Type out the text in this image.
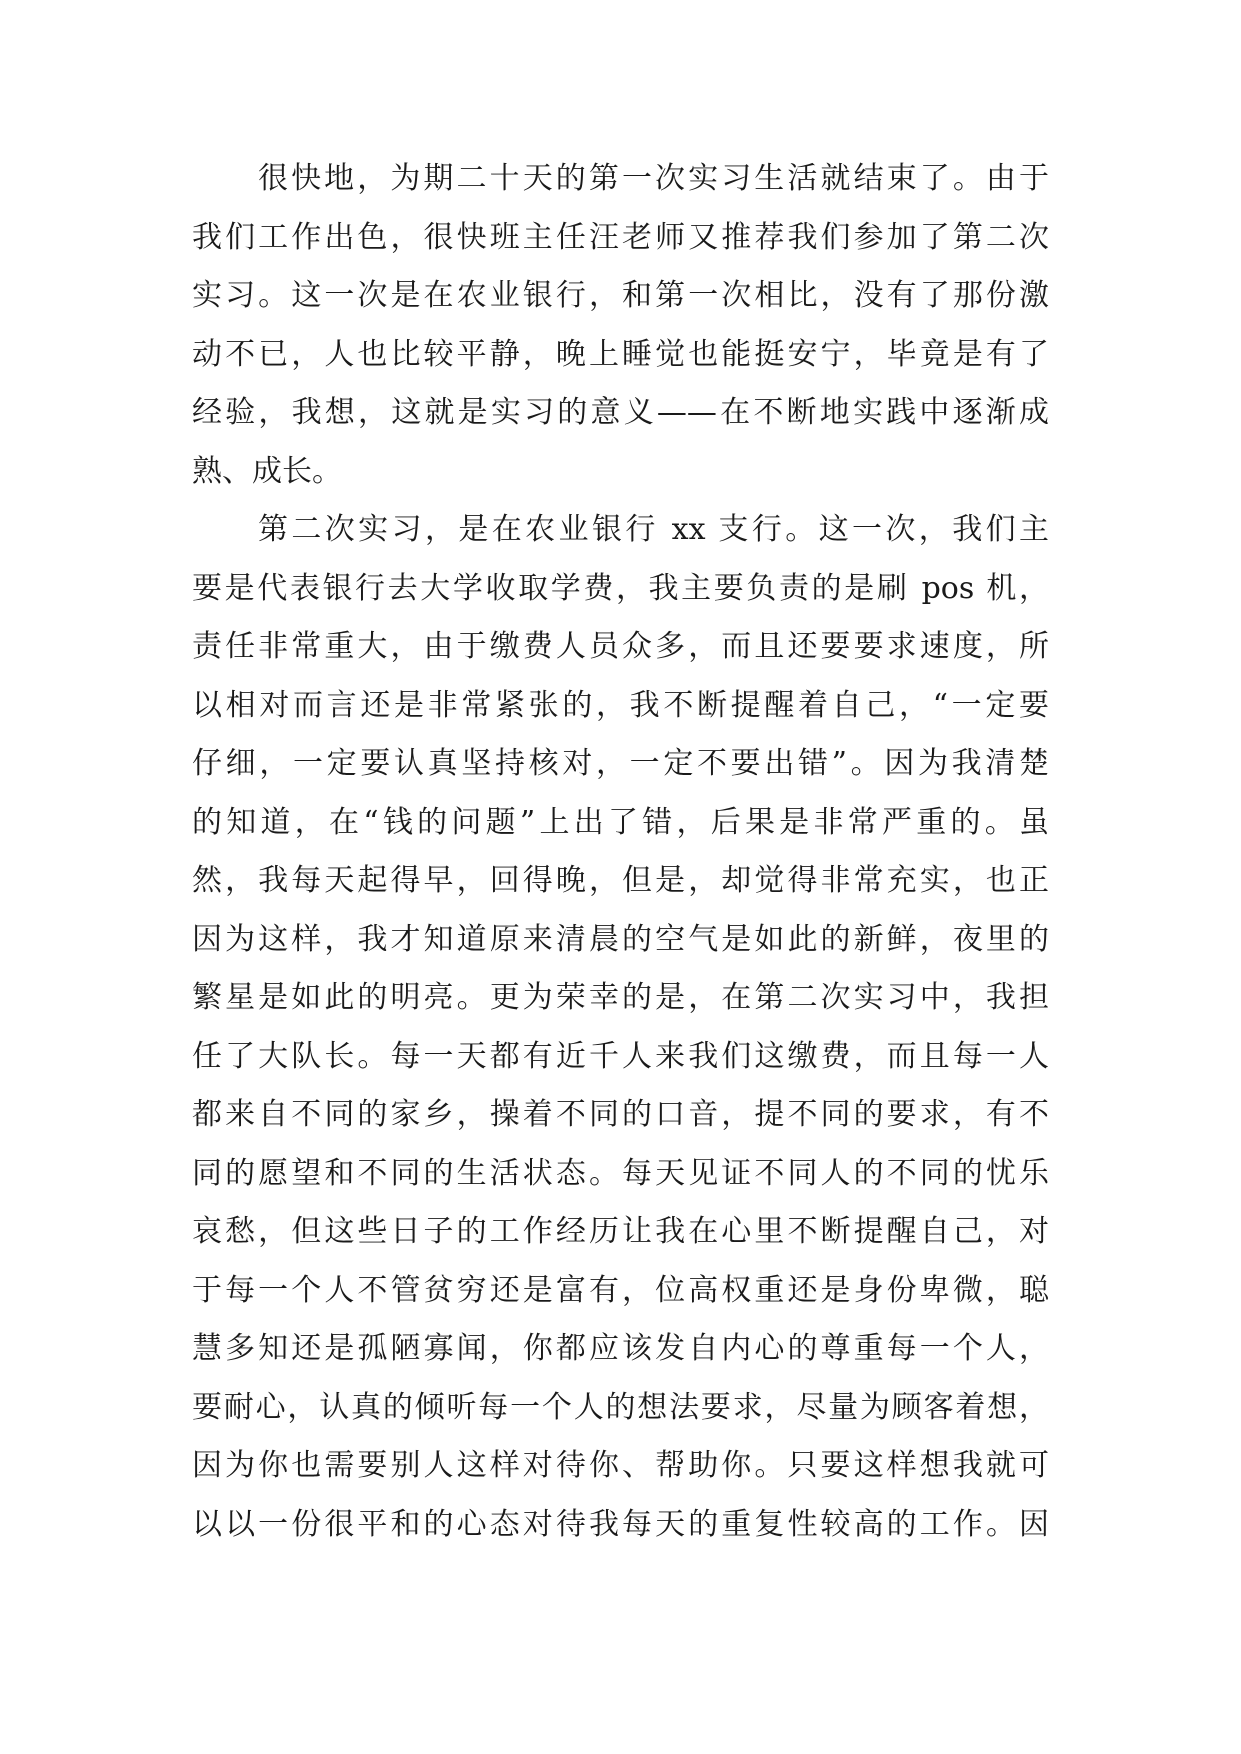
很快地，为期二十天的第一次实习生活就结束了。由于
我们工作出色，很快班主任汪老师又推荐我们参加了第二次
实习。这一次是在农业银行，和第一次相比，没有了那份激
动不已，人也比较平静，晚上睡觉也能挺安宁，毕竟是有了
经验，我想，这就是实习的意义——在不断地实践中逐渐成
熟、成长。
第二次实习，是在农业银行 xx 支行。这一次，我们主
要是代表银行去大学收取学费，我主要负责的是刷 pos 机，
责任非常重大，由于缴费人员众多，而且还要要求速度，所
以相对而言还是非常紧张的，我不断提醒着自己，“一定要
仔细，一定要认真坚持核对，一定不要出错”。因为我清楚
的知道，在“钱的问题”上出了错，后果是非常严重的。虽
然，我每天起得早，回得晚，但是，却觉得非常充实，也正
因为这样，我才知道原来清晨的空气是如此的新鲜，夜里的
繁星是如此的明亮。更为荣幸的是，在第二次实习中，我担
任了大队长。每一天都有近千人来我们这缴费，而且每一人
都来自不同的家乡，操着不同的口音，提不同的要求，有不
同的愿望和不同的生活状态。每天见证不同人的不同的忧乐
哀愁，但这些日子的工作经历让我在心里不断提醒自己，对
于每一个人不管贫穷还是富有，位高权重还是身份卑微，聪
慧多知还是孤陋寡闻，你都应该发自内心的尊重每一个人，
要耐心，认真的倾听每一个人的想法要求，尽量为顾客着想，
因为你也需要别人这样对待你、帮助你。只要这样想我就可
以以一份很平和的心态对待我每天的重复性较高的工作。因
